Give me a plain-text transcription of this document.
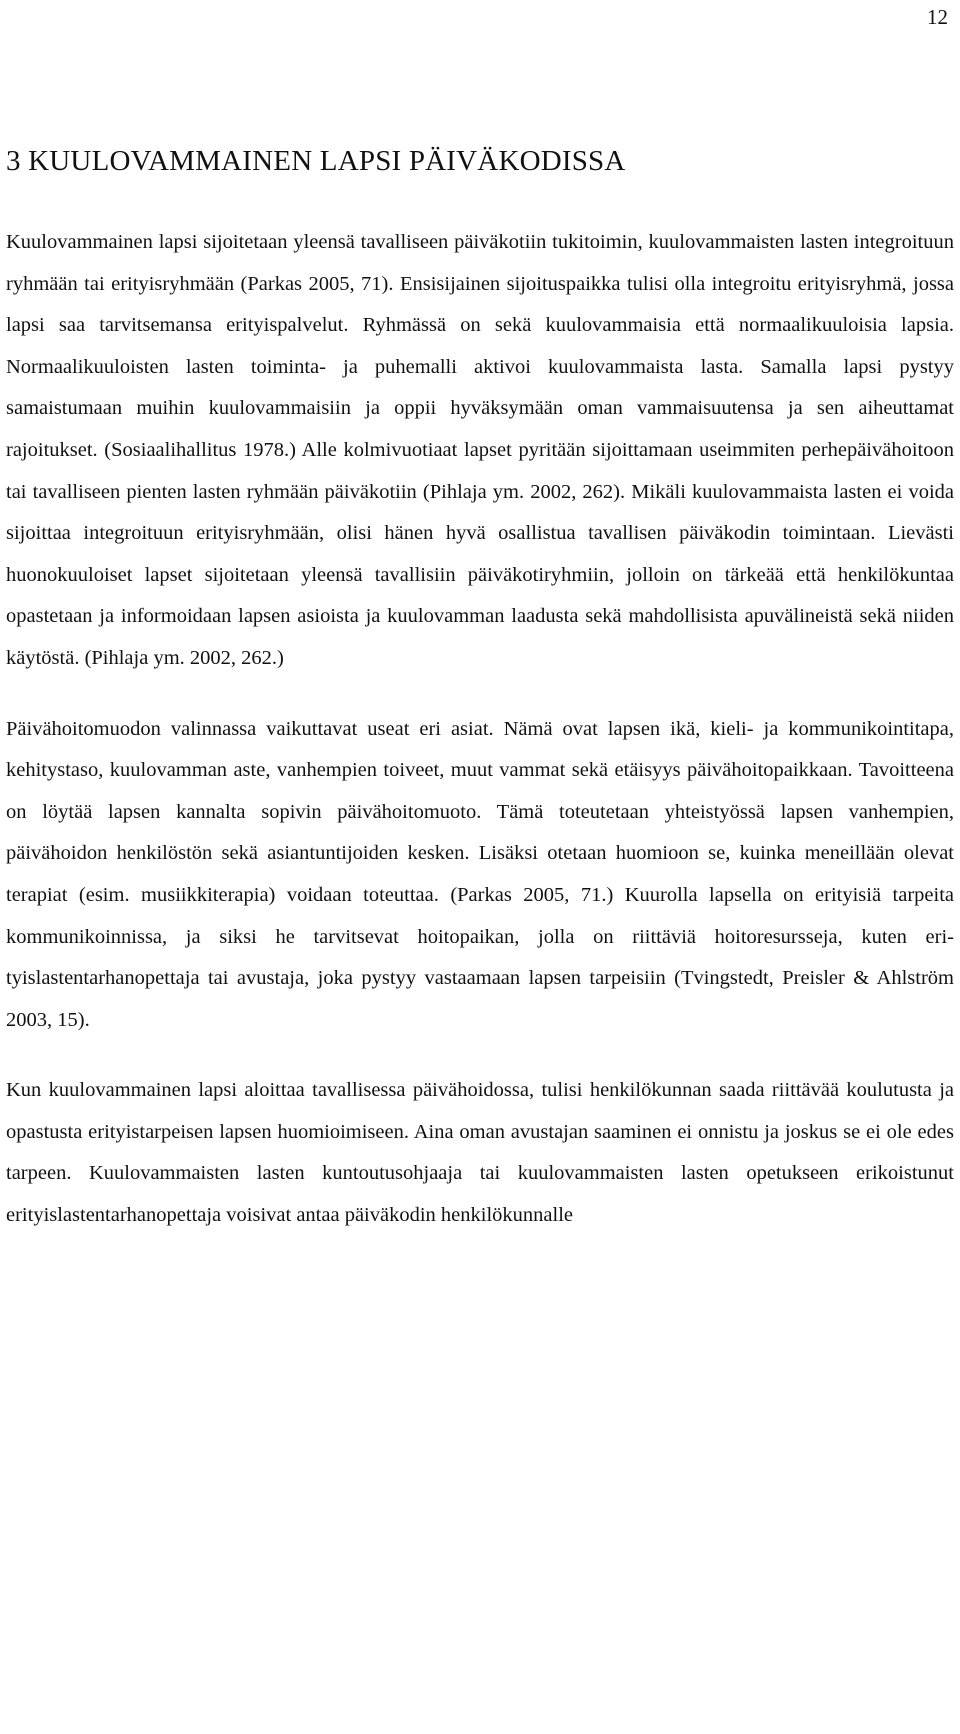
12
3 KUULOVAMMAINEN LAPSI PÄIVÄKODISSA

Kuulovammainen lapsi sijoitetaan yleensä tavalliseen päiväkotiin tukitoimin, kuulovammaisten lasten integroituun ryhmään tai erityisryhmään (Parkas 2005, 71). Ensisijainen sijoituspaikka tulisi olla integroitu erityisryhmä, jossa lapsi saa tarvitsemansa erityispalvelut. Ryhmässä on sekä kuulovammaisia että normaalikuuloisia lapsia. Normaalikuuloisten lasten toiminta- ja puhemalli aktivoi kuulovammaista lasta. Samalla lapsi pystyy samaistumaan muihin kuulovammaisiin ja oppii hyväksymään oman vammaisuutensa ja sen aiheuttamat rajoitukset. (Sosiaalihallitus 1978.) Alle kolmivuotiaat lapset pyritään sijoittamaan useimmiten perhepäivähoitoon tai tavalliseen pienten lasten ryhmään päiväkotiin (Pihlaja ym. 2002, 262). Mikäli kuulovammaista lasten ei voida sijoittaa integroituun erityisryhmään, olisi hänen hyvä osallistua tavallisen päiväkodin toimintaan. Lievästi huonokuuloiset lapset sijoitetaan yleensä tavallisiin päiväkotiryhmiin, jolloin on tärkeää että henkilökuntaa opastetaan ja informoidaan lapsen asioista ja kuulovamman laadusta sekä mahdollisista apuvälineistä sekä niiden käytöstä. (Pihlaja ym. 2002, 262.)

Päivähoitomuodon valinnassa vaikuttavat useat eri asiat. Nämä ovat lapsen ikä, kieli- ja kommunikointitapa, kehitystaso, kuulovamman aste, vanhempien toiveet, muut vammat sekä etäisyys päivähoitopaikkaan. Tavoitteena on löytää lapsen kannalta sopivin päivähoitomuoto. Tämä toteutetaan yhteistyössä lapsen vanhempien, päivähoidon henkilöstön sekä asiantuntijoiden kesken. Lisäksi otetaan huomioon se, kuinka meneillään olevat terapiat (esim. musiikkiterapia) voidaan toteuttaa. (Parkas 2005, 71.) Kuurolla lapsella on erityisiä tarpeita kommunikoinnissa, ja siksi he tarvitsevat hoitopaikan, jolla on riittäviä hoitoresursseja, kuten erityislastentarhanopettaja tai avustaja, joka pystyy vastaamaan lapsen tarpeisiin (Tvingstedt, Preisler & Ahlström 2003, 15).

Kun kuulovammainen lapsi aloittaa tavallisessa päivähoidossa, tulisi henkilökunnan saada riittävää koulutusta ja opastusta erityistarpeisen lapsen huomioimiseen. Aina oman avustajan saaminen ei onnistu ja joskus se ei ole edes tarpeen. Kuulovammaisten lasten kuntoutusohjaaja tai kuulovammaisten lasten opetukseen erikoistunut erityislastentarhanopettaja voisivat antaa päiväkodin henkilökunnalle
